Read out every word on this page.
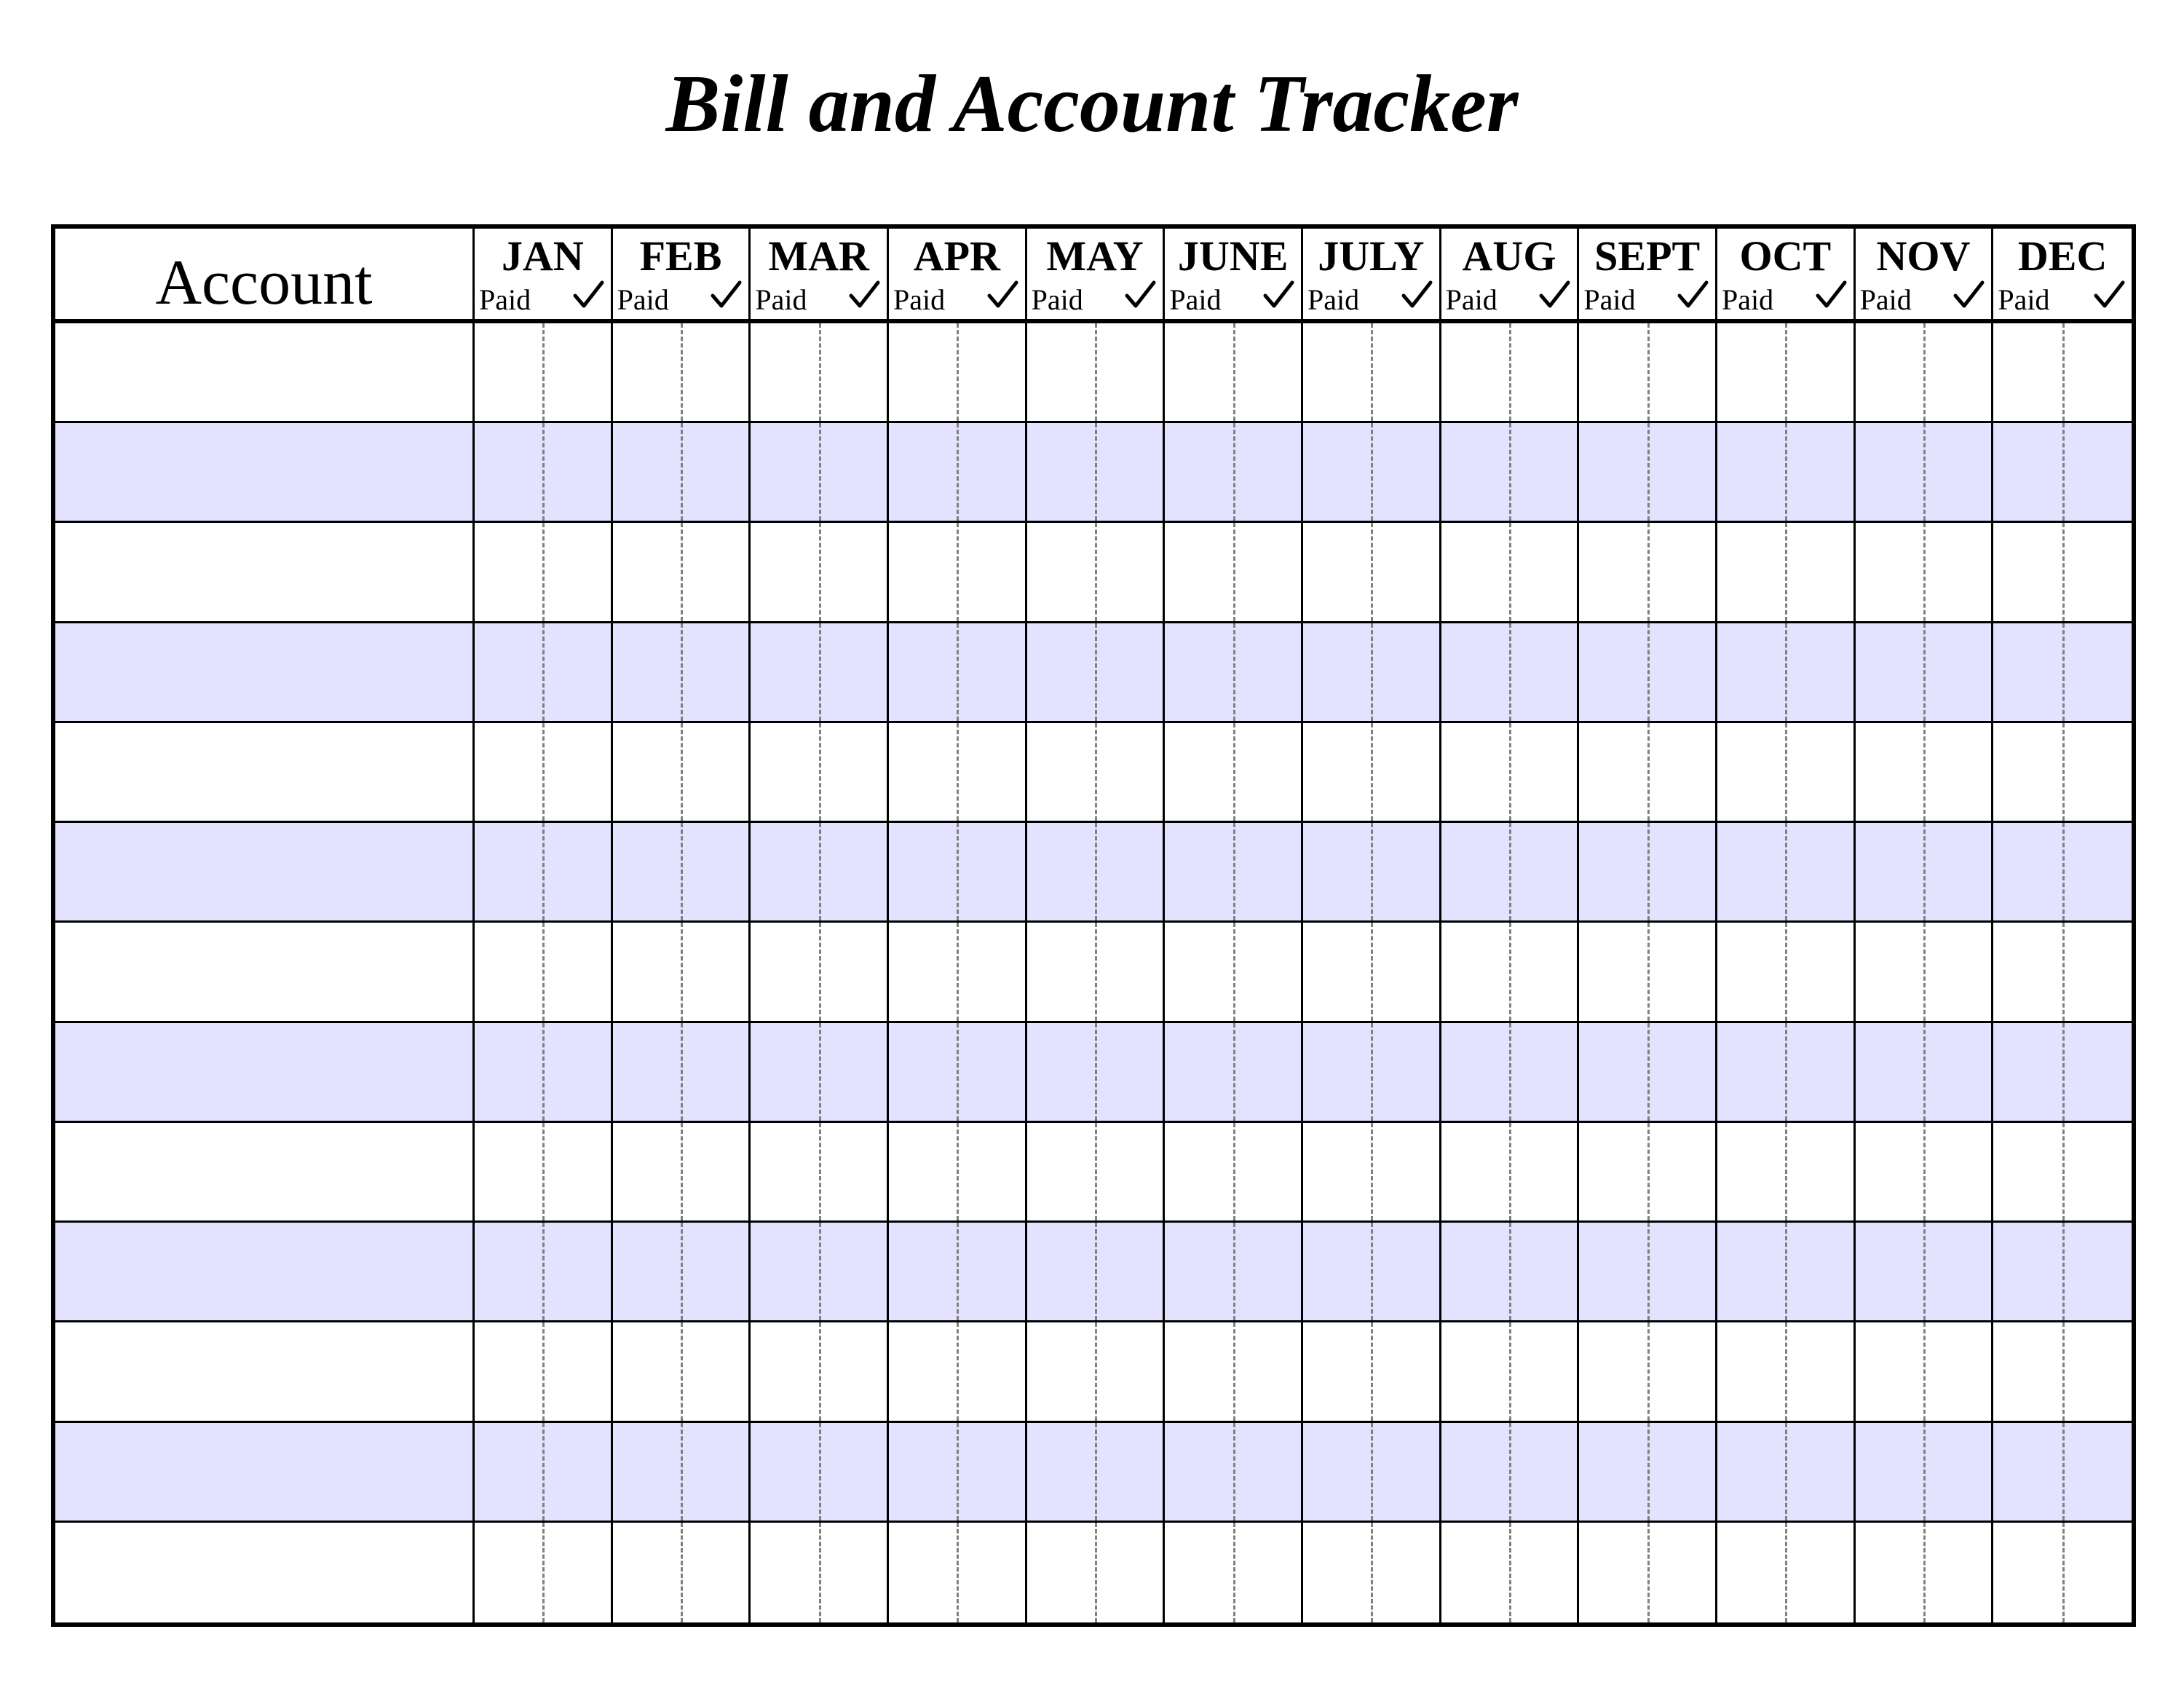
Bill and Account Tracker
Account	JAN
Paid
FEB
Paid
MAR
Paid
APR
Paid
MAY
Paid
JUNE
Paid
JULY
Paid
AUG
Paid
SEPT
Paid
OCT
Paid
NOV
Paid
DEC
Paid
